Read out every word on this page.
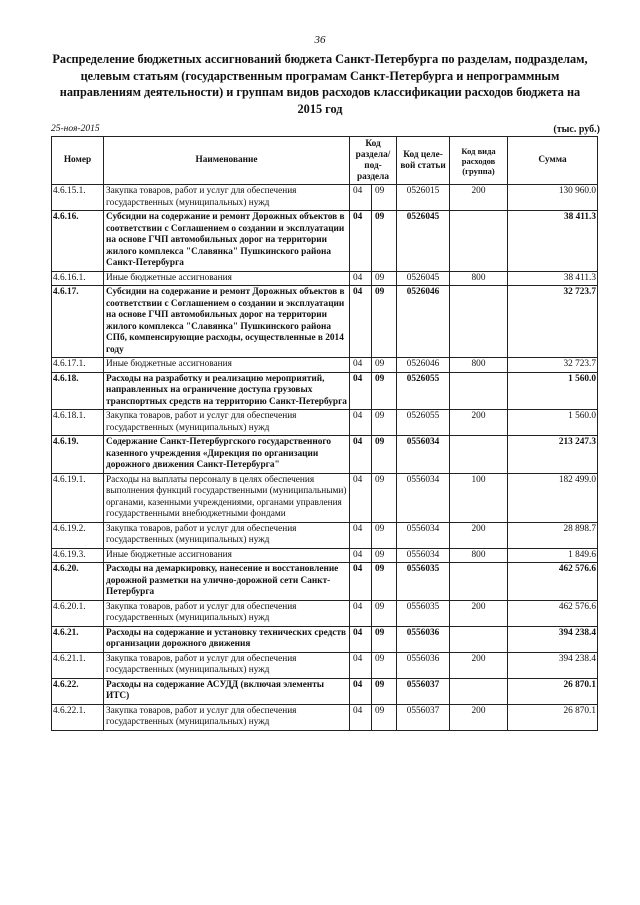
36
Распределение бюджетных ассигнований бюджета Санкт-Петербурга по разделам, подразделам, целевым статьям (государственным програмам Санкт-Петербурга и непрограммным направлениям деятельности) и группам видов расходов классификации расходов бюджета на 2015 год
25-ноя-2015	(тыс. руб.)
Номер	Наименование	Код раздела/ под-раздела		Код целе-вой статьи	Код вида расходов (группа)	Сумма
4.6.15.1.	Закупка товаров, работ и услуг для обеспечения государственных (муниципальных) нужд	04	09	0526015	200	130 960.0
4.6.16.	Субсидии на содержание и ремонт Дорожных объектов в соответствии с Соглашением о создании и эксплуатации на основе ГЧП автомобильных дорог на территории жилого комплекса "Славянка" Пушкинского района Санкт-Петербурга	04	09	0526045		38 411.3
4.6.16.1.	Иные бюджетные ассигнования	04	09	0526045	800	38 411.3
4.6.17.	Субсидии на содержание и ремонт Дорожных объектов в соответствии с Соглашением о создании и эксплуатации на основе ГЧП автомобильных дорог на территории жилого комплекса "Славянка" Пушкинского района СПб, компенсирующие расходы, осуществленные в 2014 году	04	09	0526046		32 723.7
4.6.17.1.	Иные бюджетные ассигнования	04	09	0526046	800	32 723.7
4.6.18.	Расходы на разработку и реализацию мероприятий, направленных на ограничение доступа грузовых транспортных средств на территорию Санкт-Петербурга	04	09	0526055		1 560.0
4.6.18.1.	Закупка товаров, работ и услуг для обеспечения государственных (муниципальных) нужд	04	09	0526055	200	1 560.0
4.6.19.	Содержание Санкт-Петербургского государственного казенного учреждения «Дирекция по организации дорожного движения Санкт-Петербурга"	04	09	0556034		213 247.3
4.6.19.1.	Расходы на выплаты персоналу в целях обеспечения выполнения функций государственными (муниципальными) органами, казенными учреждениями, органами управления государственными внебюджетными фондами	04	09	0556034	100	182 499.0
4.6.19.2.	Закупка товаров, работ и услуг для обеспечения государственных (муниципальных) нужд	04	09	0556034	200	28 898.7
4.6.19.3.	Иные бюджетные ассигнования	04	09	0556034	800	1 849.6
4.6.20.	Расходы на демаркировку, нанесение и восстановление дорожной разметки на улично-дорожной сети Санкт-Петербурга	04	09	0556035		462 576.6
4.6.20.1.	Закупка товаров, работ и услуг для обеспечения государственных (муниципальных) нужд	04	09	0556035	200	462 576.6
4.6.21.	Расходы на содержание и установку технических средств организации дорожного движения	04	09	0556036		394 238.4
4.6.21.1.	Закупка товаров, работ и услуг для обеспечения государственных (муниципальных) нужд	04	09	0556036	200	394 238.4
4.6.22.	Расходы на содержание АСУДД (включая элементы ИТС)	04	09	0556037		26 870.1
4.6.22.1.	Закупка товаров, работ и услуг для обеспечения государственных (муниципальных) нужд	04	09	0556037	200	26 870.1
